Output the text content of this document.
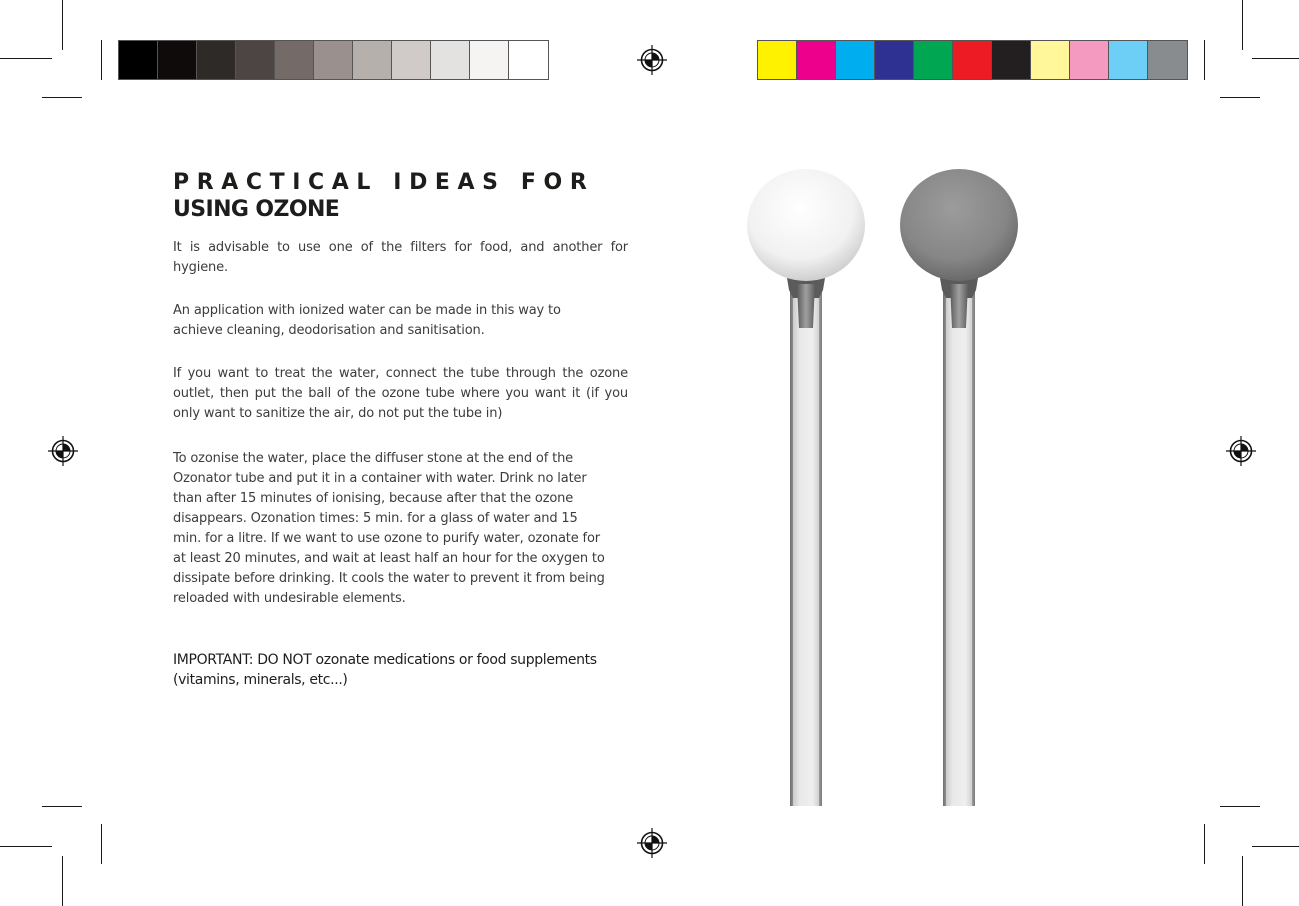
PRACTICAL IDEAS FOR
USING OZONE

It is advisable to use one of the filters for food, and another for hygiene.

An application with ionized water can be made in this way to achieve cleaning, deodorisation and sanitisation.

If you want to treat the water, connect the tube through the ozone outlet, then put the ball of the ozone tube where you want it (if you only want to sanitize the air, do not put the tube in)

To ozonise the water, place the diffuser stone at the end of the Ozonator tube and put it in a container with water. Drink no later than after 15 minutes of ionising, because after that the ozone disappears. Ozonation times: 5 min. for a glass of water and 15 min. for a litre. If we want to use ozone to purify water, ozonate for at least 20 minutes, and wait at least half an hour for the oxygen to dissipate before drinking. It cools the water to prevent it from being reloaded with undesirable elements.

IMPORTANT: DO NOT ozonate medications or food supplements (vitamins, minerals, etc...)
